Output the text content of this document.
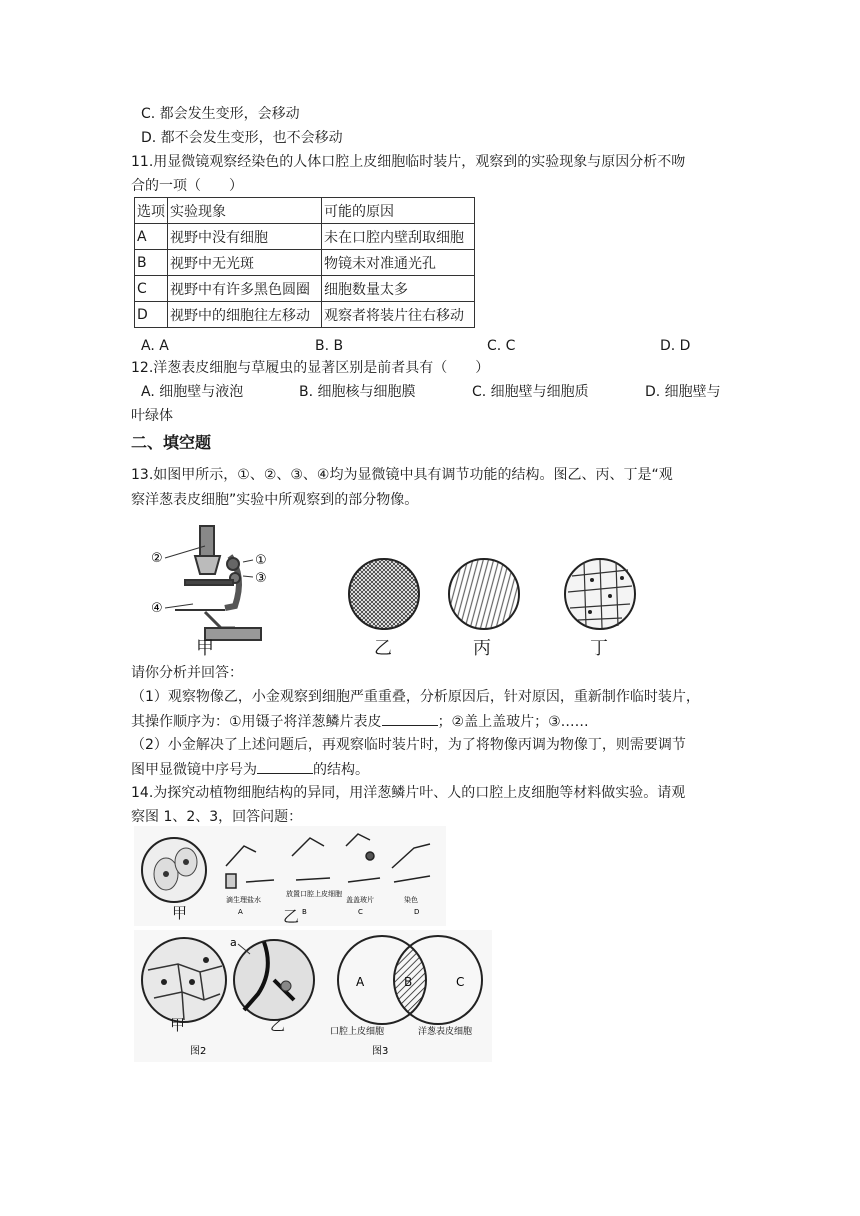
C. 都会发生变形，会移动
D. 都不会发生变形，也不会移动
11.用显微镜观察经染色的人体口腔上皮细胞临时装片，观察到的实验现象与原因分析不吻
合的一项（　　）
选项	实验现象	可能的原因
A	视野中没有细胞	未在口腔内壁刮取细胞
B	视野中无光斑	物镜未对准通光孔
C	视野中有许多黑色圆圈	细胞数量太多
D	视野中的细胞往左移动	观察者将装片往右移动
A. A	B. B	C. C	D. D
12.洋葱表皮细胞与草履虫的显著区别是前者具有（　　）
A. 细胞壁与液泡	B. 细胞核与细胞膜	C. 细胞壁与细胞质	D. 细胞壁与
叶绿体
二、填空题
13.如图甲所示，①、②、③、④均为显微镜中具有调节功能的结构。图乙、丙、丁是“观
察洋葱表皮细胞”实验中所观察到的部分物像。
①
③
②
④
甲	乙	丙	丁
请你分析并回答：
（1）观察物像乙，小金观察到细胞严重重叠，分析原因后，针对原因，重新制作临时装片，
其操作顺序为：①用镊子将洋葱鳞片表皮	；②盖上盖玻片；③……
（2）小金解决了上述问题后，再观察临时装片时，为了将物像丙调为物像丁，则需要调节
图甲显微镜中序号为	的结构。
14.为探究动植物细胞结构的异同，用洋葱鳞片叶、人的口腔上皮细胞等材料做实验。请观
察图 1、2、3，回答问题：
滴生理盐水
放置口腔上皮细胞
盖盖玻片	染色
A	B	C	D
甲	乙
a
图2
甲	乙
A	B	C
口腔上皮细胞	洋葱表皮细胞
图3
